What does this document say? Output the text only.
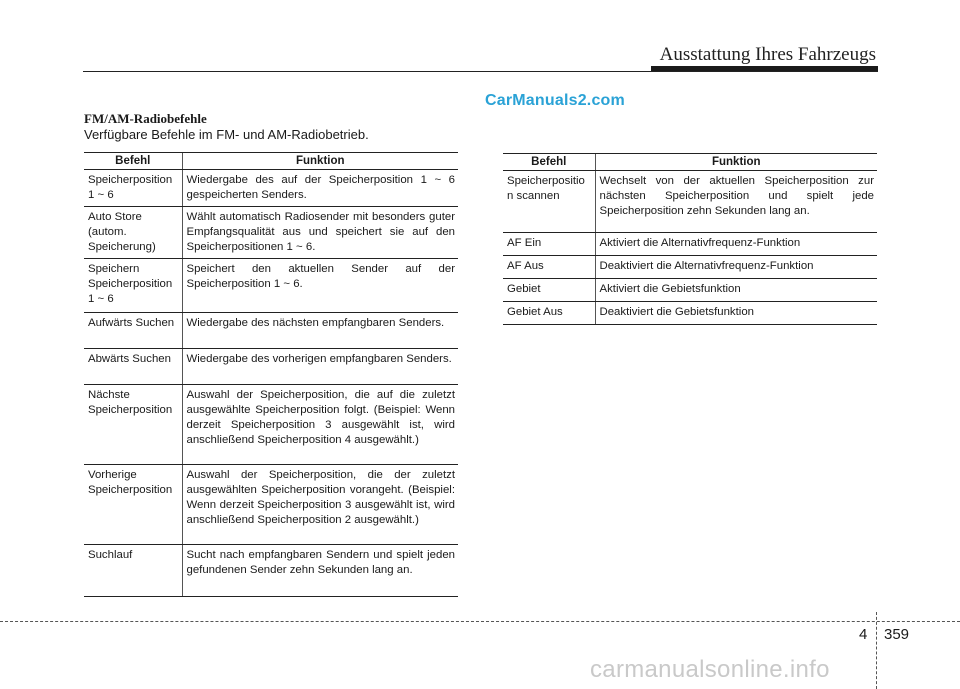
Ausstattung Ihres Fahrzeugs
CarManuals2.com
FM/AM-Radiobefehle
Verfügbare Befehle im FM- und AM-Radiobetrieb.
Befehl	Funktion
Speicherposition
1 ~ 6	Wiedergabe des auf der Speicherposition 1 ~ 6 gespeicherten Senders.
Auto Store
(autom.
Speicherung)	Wählt automatisch Radiosender mit besonders guter Empfangsqualität aus und speichert sie auf den Speicherpositionen 1 ~ 6.
Speichern
Speicherposition
1 ~ 6	Speichert den aktuellen Sender auf der Speicherposition 1 ~ 6.
Aufwärts Suchen	Wiedergabe des nächsten empfangbaren Senders.
Abwärts Suchen	Wiedergabe des vorherigen empfangbaren Senders.
Nächste
Speicherposition	Auswahl der Speicherposition, die auf die zuletzt ausgewählte Speicherposition folgt. (Beispiel: Wenn derzeit Speicherposition 3 ausgewählt ist, wird anschließend Speicherposition 4 ausgewählt.)
Vorherige
Speicherposition	Auswahl der Speicherposition, die der zuletzt ausgewählten Speicherposition vorangeht. (Beispiel: Wenn derzeit Speicherposition 3 ausgewählt ist, wird anschließend Speicherposition 2 ausgewählt.)
Suchlauf	Sucht nach empfangbaren Sendern und spielt jeden gefundenen Sender zehn Sekunden lang an.
Befehl	Funktion
Speicherpositio
n scannen	Wechselt von der aktuellen Speicherposition zur nächsten Speicherposition und spielt jede Speicherposition zehn Sekunden lang an.
AF Ein	Aktiviert die Alternativfrequenz-Funktion
AF Aus	Deaktiviert die Alternativfrequenz-Funktion
Gebiet	Aktiviert die Gebietsfunktion
Gebiet Aus	Deaktiviert die Gebietsfunktion
4 359
carmanualsonline.info
